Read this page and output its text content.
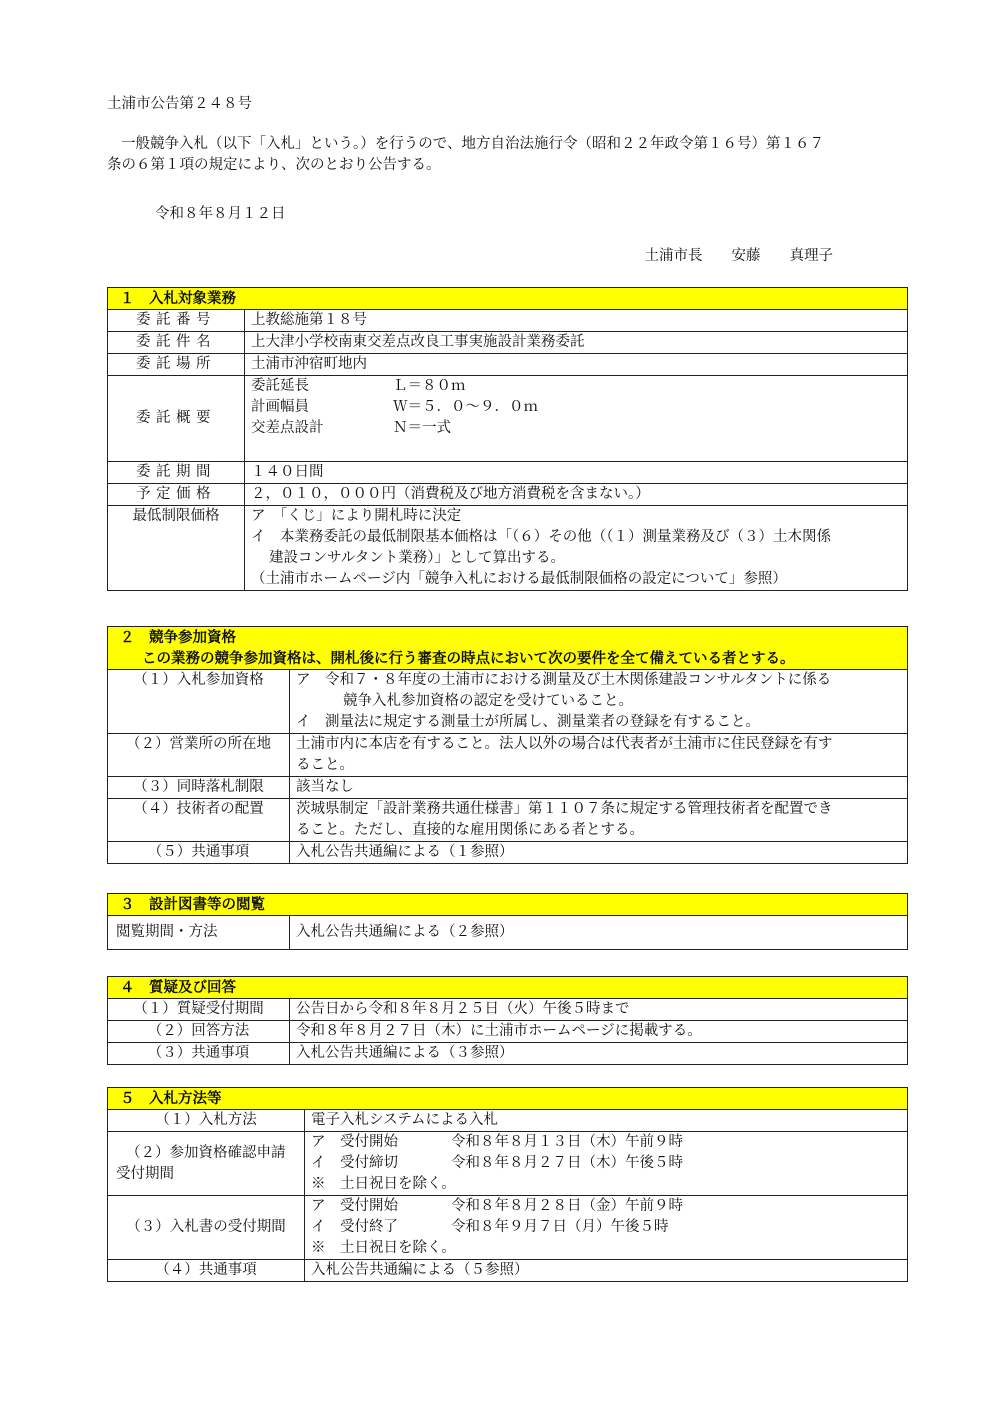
土浦市公告第２４８号
一般競争入札（以下「入札」という。）を行うので、地方自治法施行令（昭和２２年政令第１６号）第１６７
条の６第１項の規定により、次のとおり公告する。
令和８年８月１２日
土浦市長　　安藤　　真理子
１　入札対象業務	
委託番号	上教総施第１８号
委託件名	上大津小学校南東交差点改良工事実施設計業務委託
委託場所	土浦市沖宿町地内
委託概要	委託延長 Ｌ＝８０ｍ
計画幅員 Ｗ＝５．０～９．０ｍ
交差点設計 Ｎ＝一式

委託期間	１４０日間
予定価格	２，０１０，０００円（消費税及び地方消費税を含まない。）
最低制限価格	ア　「くじ」により開札時に決定
イ　本業務委託の最低制限基本価格は「（６）その他（（１）測量業務及び（３）土木関係
建設コンサルタント業務）」として算出する。
（土浦市ホームページ内「競争入札における最低制限価格の設定について」参照）
２　競争参加資格	
この業務の競争参加資格は、開札後に行う審査の時点において次の要件を全て備えている者とする。	
（１）入札参加資格	ア　令和７・８年度の土浦市における測量及び土木関係建設コンサルタントに係る
競争入札参加資格の認定を受けていること。
イ　測量法に規定する測量士が所属し、測量業者の登録を有すること。

（２）営業所の所在地	土浦市内に本店を有すること。法人以外の場合は代表者が土浦市に住民登録を有す
ること。

（３）同時落札制限	該当なし
（４）技術者の配置	茨城県制定「設計業務共通仕様書」第１１０７条に規定する管理技術者を配置でき
ること。ただし、直接的な雇用関係にある者とする。

（５）共通事項	入札公告共通編による（１参照）
３　設計図書等の閲覧
閲覧期間・方法	入札公告共通編による（２参照）
４　質疑及び回答	
（１）質疑受付期間	公告日から令和８年８月２５日（火）午後５時まで
（２）回答方法	令和８年８月２７日（木）に土浦市ホームページに掲載する。
（３）共通事項	入札公告共通編による（３参照）
５　入札方法等	
（１）入札方法	電子入札システムによる入札

（２）参加資格確認申請
受付期間	ア　受付開始 令和８年８月１３日（木）午前９時
イ　受付締切 令和８年８月２７日（木）午後５時
※　土日祝日を除く。

（３）入札書の受付期間	ア　受付開始 令和８年８月２８日（金）午前９時
イ　受付終了 令和８年９月７日（月）午後５時
※　土日祝日を除く。

（４）共通事項	入札公告共通編による（５参照）
